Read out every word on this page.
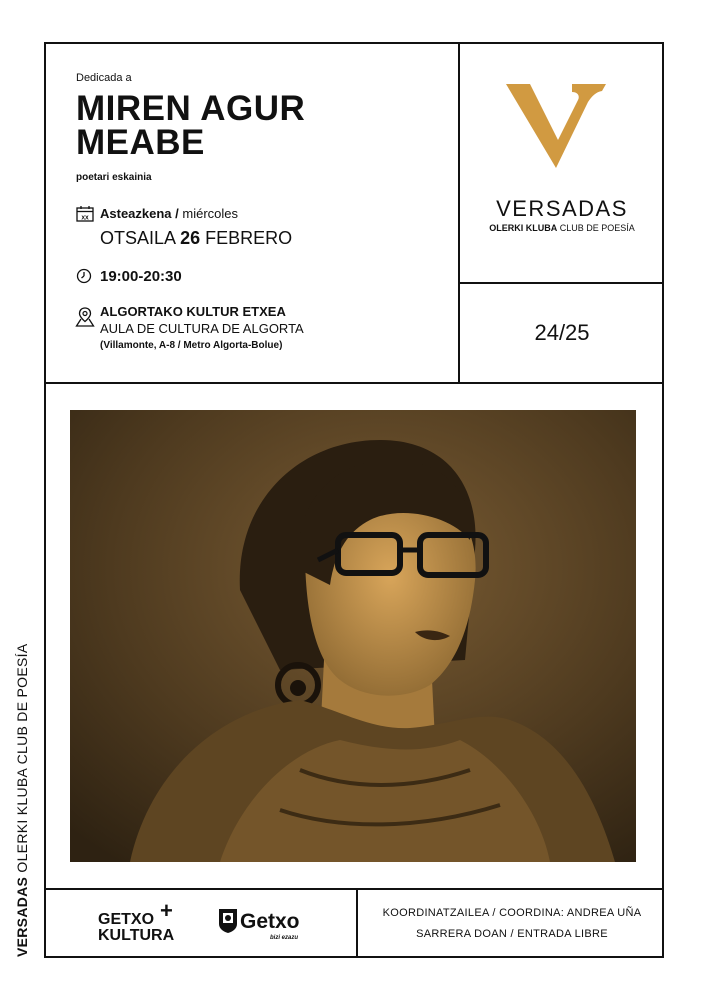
Dedicada a
MIREN AGUR
MEABE
poetari eskainia
XX Asteazkena / miércoles
OTSAILA 26 FEBRERO
19:00-20:30
ALGORTAKO KULTUR ETXEA
AULA DE CULTURA DE ALGORTA
(Villamonte, A-8 / Metro Algorta-Bolue)
VERSADAS
OLERKI KLUBA CLUB DE POESÍA
24/25
VERSADAS OLERKI KLUBA CLUB DE POESÍA
GETXO
KULTURA
+	Getxo
bizi ezazu
KOORDINATZAILEA / COORDINA: ANDREA UÑA
SARRERA DOAN / ENTRADA LIBRE
